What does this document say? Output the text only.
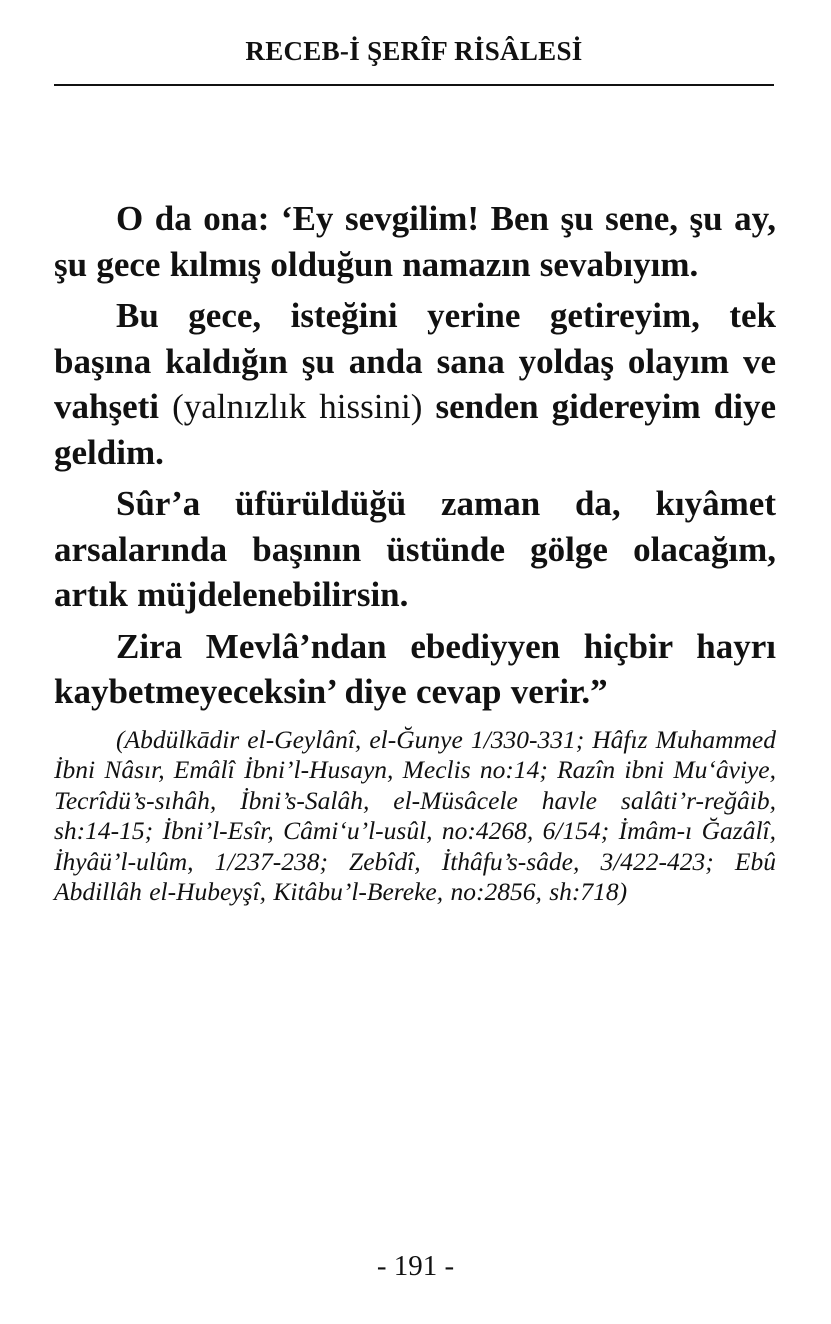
RECEB-İ ŞERÎF RİSÂLESİ

O da ona: ‘Ey sevgilim! Ben şu sene, şu ay, şu gece kılmış olduğun namazın sevabıyım.

Bu gece, isteğini yerine getireyim, tek başına kaldığın şu anda sana yoldaş olayım ve vahşeti (yalnızlık hissini) senden gidereyim diye geldim.

Sûr’a üfürüldüğü zaman da, kıyâmet arsalarında başının üstünde gölge olacağım, artık müjdelenebilirsin.

Zira Mevlâ’ndan ebediyyen hiçbir hayrı kaybetmeyeceksin’ diye cevap verir.”

(Abdülkādir el-Geylânî, el-Ğunye 1/330-331; Hâfız Muhammed İbni Nâsır, Emâlî İbni’l-Husayn, Meclis no:14; Razîn ibni Mu‘âviye, Tecrîdü’s-sıhâh, İbni’s-Salâh, el-Müsâcele havle salâti’r-reğâib, sh:14-15; İbni’l-Esîr, Câmi‘u’l-usûl, no:4268, 6/154; İmâm-ı Ğazâlî, İhyâü’l-ulûm, 1/237-238; Zebîdî, İthâfu’s-sâde, 3/422-423; Ebû Abdillâh el-Hubeyşî, Kitâbu’l-Bereke, no:2856, sh:718)

- 191 -
